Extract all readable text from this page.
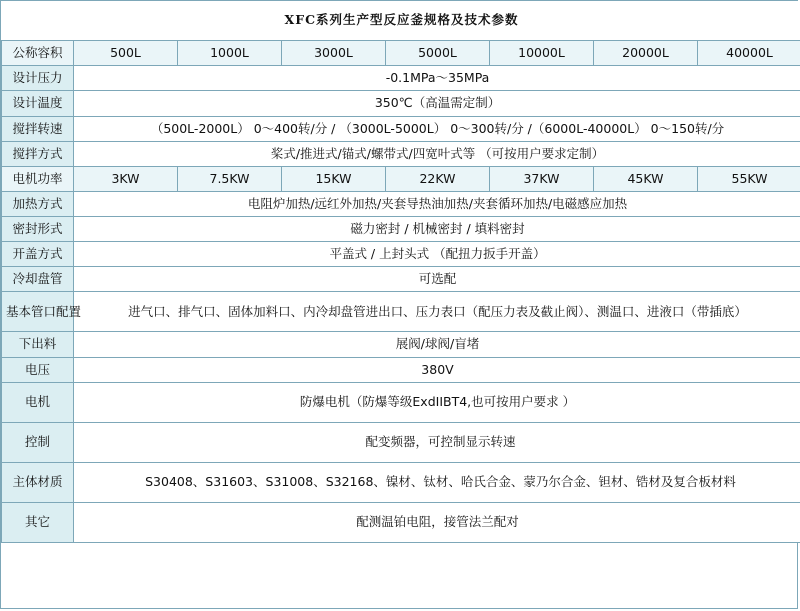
XFC系列生产型反应釜规格及技术参数							
公称容积	500L	1000L	3000L	5000L	10000L	20000L	40000L
设计压力	-0.1MPa～35MPa						
设计温度	350℃（高温需定制）						
搅拌转速	（500L-2000L） 0～400转/分 / （3000L-5000L） 0～300转/分 /（6000L-40000L） 0～150转/分						
搅拌方式	桨式/推进式/锚式/螺带式/四宽叶式等 （可按用户要求定制）						
电机功率	3KW	7.5KW	15KW	22KW	37KW	45KW	55KW
加热方式	电阻炉加热/远红外加热/夹套导热油加热/夹套循环加热/电磁感应加热						
密封形式	磁力密封 / 机械密封 / 填料密封						
开盖方式	平盖式 / 上封头式 （配扭力扳手开盖）						
冷却盘管	可选配						
基本管口配置	进气口、排气口、固体加料口、内冷却盘管进出口、压力表口（配压力表及截止阀）、测温口、进液口（带插底）						
下出料	展阀/球阀/盲堵						
电压	380V						
电机	防爆电机（防爆等级ExdIIBT4,也可按用户要求 ）						
控制	配变频器，可控制显示转速						
主体材质	S30408、S31603、S31008、S32168、镍材、钛材、哈氏合金、蒙乃尔合金、钽材、锆材及复合板材料						
其它	配测温铂电阻，接管法兰配对						
